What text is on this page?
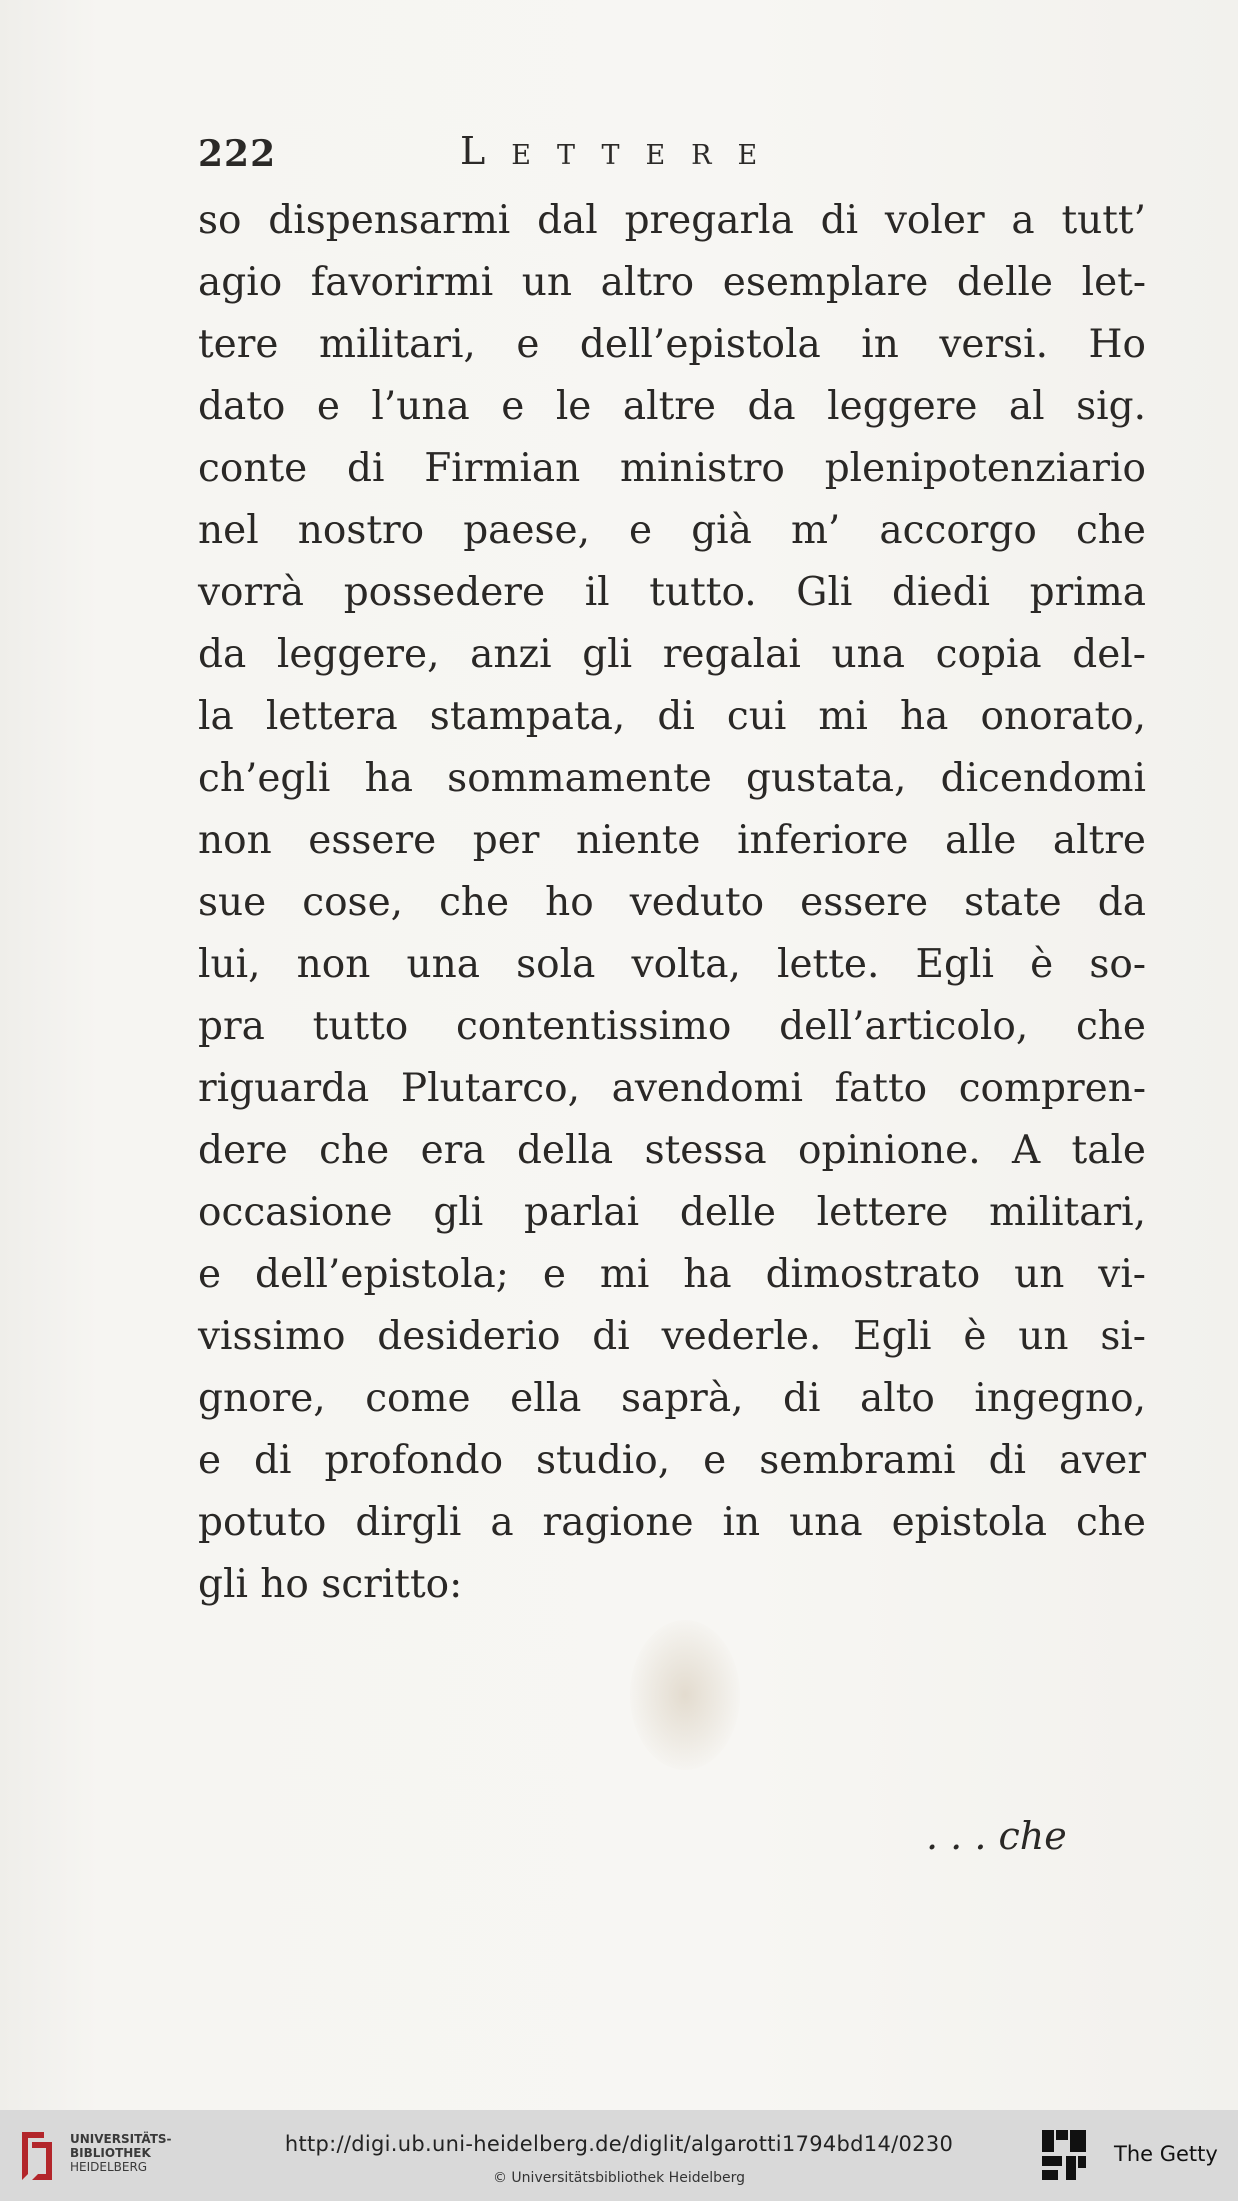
222	Lettere
so dispensarmi dal pregarla di voler a tutt’
agio favorirmi un altro esemplare delle let-
tere militari, e dell’epistola in versi. Ho
dato e l’una e le altre da leggere al sig.
conte di Firmian ministro plenipotenziario
nel nostro paese, e già m’ accorgo che
vorrà possedere il tutto. Gli diedi prima
da leggere, anzi gli regalai una copia del-
la lettera stampata, di cui mi ha onorato,
ch’egli ha sommamente gustata, dicendomi
non essere per niente inferiore alle altre
sue cose, che ho veduto essere state da
lui, non una sola volta, lette. Egli è so-
pra tutto contentissimo dell’articolo, che
riguarda Plutarco, avendomi fatto compren-
dere che era della stessa opinione. A tale
occasione gli parlai delle lettere militari,
e dell’epistola; e mi ha dimostrato un vi-
vissimo desiderio di vederle. Egli è un si-
gnore, come ella saprà, di alto ingegno,
e di profondo studio, e sembrami di aver
potuto dirgli a ragione in una epistola che
gli ho scritto:
. . . che
UNIVERSITÄTS-
BIBLIOTHEK
HEIDELBERG
http://digi.ub.uni-heidelberg.de/diglit/algarotti1794bd14/0230
© Universitätsbibliothek Heidelberg
The Getty
